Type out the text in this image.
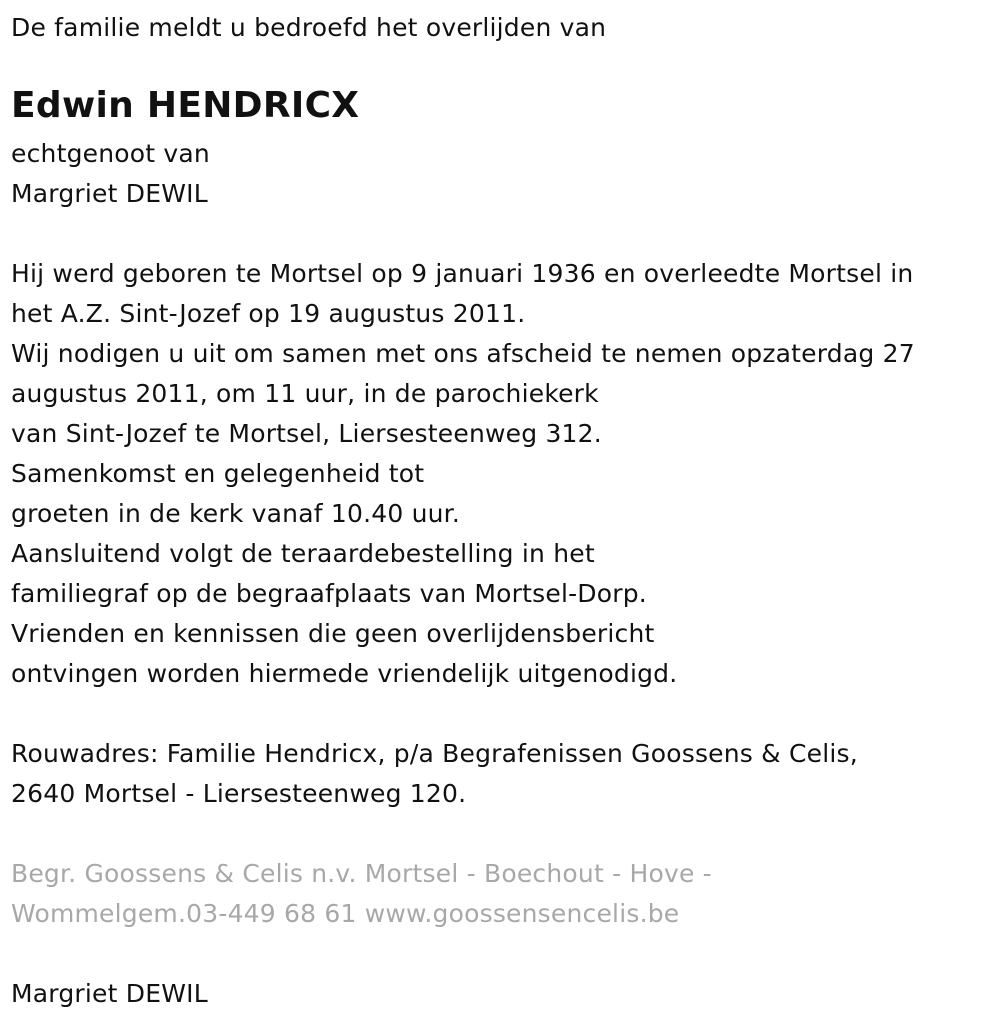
De familie meldt u bedroefd het overlijden van
Edwin HENDRICX
echtgenoot van
Margriet DEWIL
Hij werd geboren te Mortsel op 9 januari 1936 en overleedte Mortsel in
het A.Z. Sint-Jozef op 19 augustus 2011.
Wij nodigen u uit om samen met ons afscheid te nemen opzaterdag 27
augustus 2011, om 11 uur, in de parochiekerk
van Sint-Jozef te Mortsel, Liersesteenweg 312.
Samenkomst en gelegenheid tot
groeten in de kerk vanaf 10.40 uur.
Aansluitend volgt de teraardebestelling in het
familiegraf op de begraafplaats van Mortsel-Dorp.
Vrienden en kennissen die geen overlijdensbericht
ontvingen worden hiermede vriendelijk uitgenodigd.
Rouwadres: Familie Hendricx, p/a Begrafenissen Goossens & Celis,
2640 Mortsel - Liersesteenweg 120.
Begr. Goossens & Celis n.v. Mortsel - Boechout - Hove -
Wommelgem.03-449 68 61 www.goossensencelis.be
Margriet DEWIL
